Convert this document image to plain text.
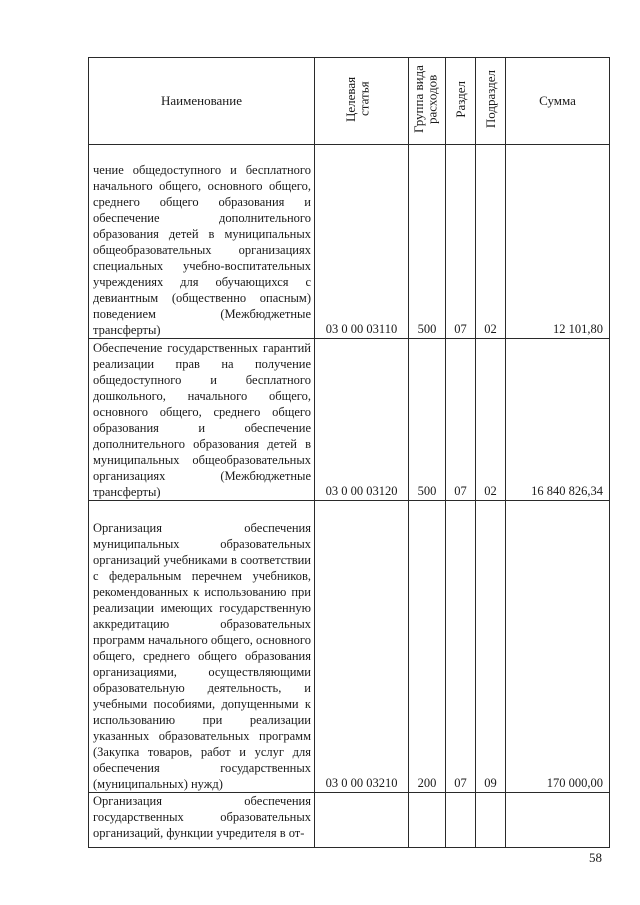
Наименование	Целевая статья	Группа вида расходов	Раздел	Подраздел	Сумма
чение общедоступного и бесплатного начального общего, основного общего, среднего общего образования и обеспечение дополнительного образования детей в муниципальных общеобразовательных организациях специальных учебно-воспитательных учреждениях для обучающихся с девиантным (общественно опасным) поведением (Межбюджетные трансферты)	03 0 00 03110	500	07	02	12 101,80
Обеспечение государственных гарантий реализации прав на получение общедоступного и бесплатного дошкольного, начального общего, основного общего, среднего общего образования и обеспечение дополнительного образования детей в муниципальных общеобразовательных организациях (Межбюджетные трансферты)	03 0 00 03120	500	07	02	16 840 826,34
Организация обеспечения муниципальных образовательных организаций учебниками в соответствии с федеральным перечнем учебников, рекомендованных к использованию при реализации имеющих государственную аккредитацию образовательных программ начального общего, основного общего, среднего общего образования организациями, осуществляющими образовательную деятельность, и учебными пособиями, допущенными к использованию при реализации указанных образовательных программ (Закупка товаров, работ и услуг для обеспечения государственных (муниципальных) нужд)	03 0 00 03210	200	07	09	170 000,00
Организация обеспечения государственных образовательных организаций, функции учредителя в от-					
58
